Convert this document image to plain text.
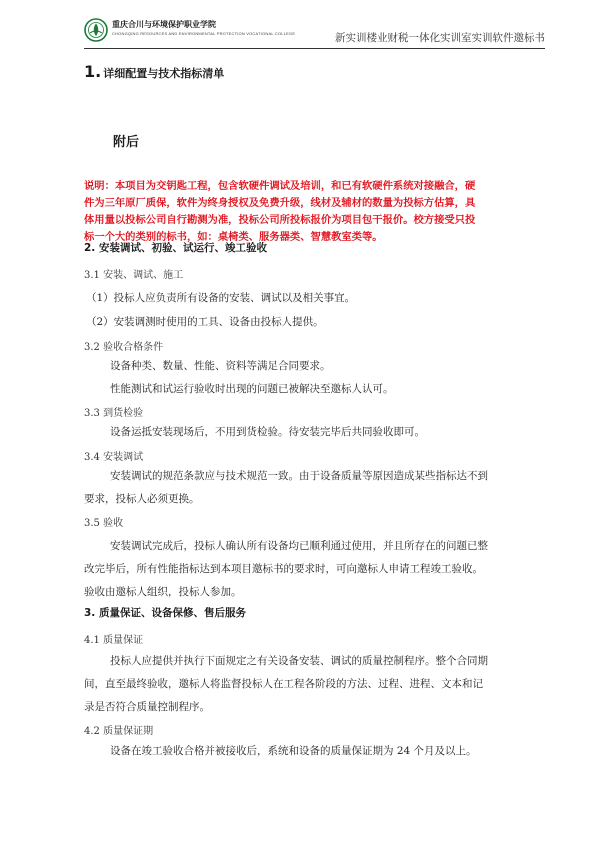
重庆合川与环境保护职业学院
CHONGQING RESOURCES AND ENVIRONMENTAL PROTECTION VOCATIONAL COLLEGE	新实训楼业财税一体化实训室实训软件邀标书
1. 详细配置与技术指标清单
附后
说明：本项目为交钥匙工程，包含软硬件调试及培训，和已有软硬件系统对接融合，硬
件为三年原厂质保，软件为终身授权及免费升级，线材及辅材的数量为投标方估算，具
体用量以投标公司自行勘测为准，投标公司所投标报价为项目包干报价。校方接受只投
标一个大的类别的标书，如：桌椅类、服务器类、智慧教室类等。
2. 安装调试、初验、试运行、竣工验收
3.1 安装、调试、施工
（1）投标人应负责所有设备的安装、调试以及相关事宜。
（2）安装调测时使用的工具、设备由投标人提供。
3.2 验收合格条件
设备种类、数量、性能、资料等满足合同要求。
性能测试和试运行验收时出现的问题已被解决至邀标人认可。
3.3 到货检验
设备运抵安装现场后，不用到货检验。待安装完毕后共同验收即可。
3.4 安装调试
安装调试的规范条款应与技术规范一致。由于设备质量等原因造成某些指标达不到
要求，投标人必须更换。
3.5 验收
安装调试完成后，投标人确认所有设备均已顺利通过使用，并且所存在的问题已整
改完毕后，所有性能指标达到本项目邀标书的要求时，可向邀标人申请工程竣工验收。
验收由邀标人组织，投标人参加。
3. 质量保证、设备保修、售后服务
4.1 质量保证
投标人应提供并执行下面规定之有关设备安装、调试的质量控制程序。整个合同期
间，直至最终验收，邀标人将监督投标人在工程各阶段的方法、过程、进程、文本和记
录是否符合质量控制程序。
4.2 质量保证期
设备在竣工验收合格并被接收后，系统和设备的质量保证期为 24 个月及以上。
